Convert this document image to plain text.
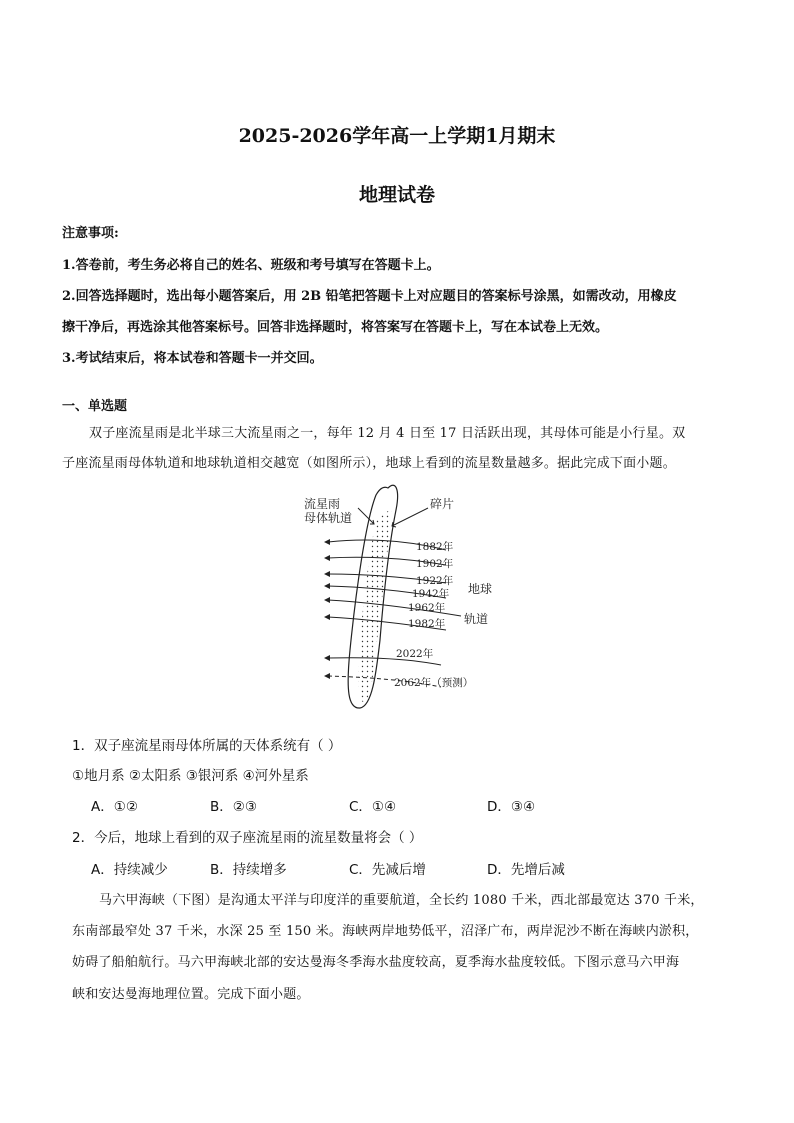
2025-2026学年高一上学期1月期末
地理试卷
注意事项:
1.答卷前，考生务必将自己的姓名、班级和考号填写在答题卡上。
2.回答选择题时，选出每小题答案后，用 2B 铅笔把答题卡上对应题目的答案标号涂黑，如需改动，用橡皮
擦干净后，再选涂其他答案标号。回答非选择题时，将答案写在答题卡上，写在本试卷上无效。
3.考试结束后，将本试卷和答题卡一并交回。
一、单选题
双子座流星雨是北半球三大流星雨之一，每年 12 月 4 日至 17 日活跃出现，其母体可能是小行星。双
子座流星雨母体轨道和地球轨道相交越宽（如图所示），地球上看到的流星数量越多。据此完成下面小题。
流星雨
母体轨道
碎片
地球
轨道
1882年
1902年
1922年
1942年
1962年
1982年
2022年
2062年（预测）
1．双子座流星雨母体所属的天体系统有（ ）
①地月系 ②太阳系 ③银河系 ④河外星系
A．①②	B．②③	C．①④	D．③④
2．今后，地球上看到的双子座流星雨的流星数量将会（ ）
A．持续减少	B．持续增多	C．先减后增	D．先增后减
马六甲海峡（下图）是沟通太平洋与印度洋的重要航道，全长约 1080 千米，西北部最宽达 370 千米，
东南部最窄处 37 千米，水深 25 至 150 米。海峡两岸地势低平，沼泽广布，两岸泥沙不断在海峡内淤积，
妨碍了船舶航行。马六甲海峡北部的安达曼海冬季海水盐度较高，夏季海水盐度较低。下图示意马六甲海
峡和安达曼海地理位置。完成下面小题。
